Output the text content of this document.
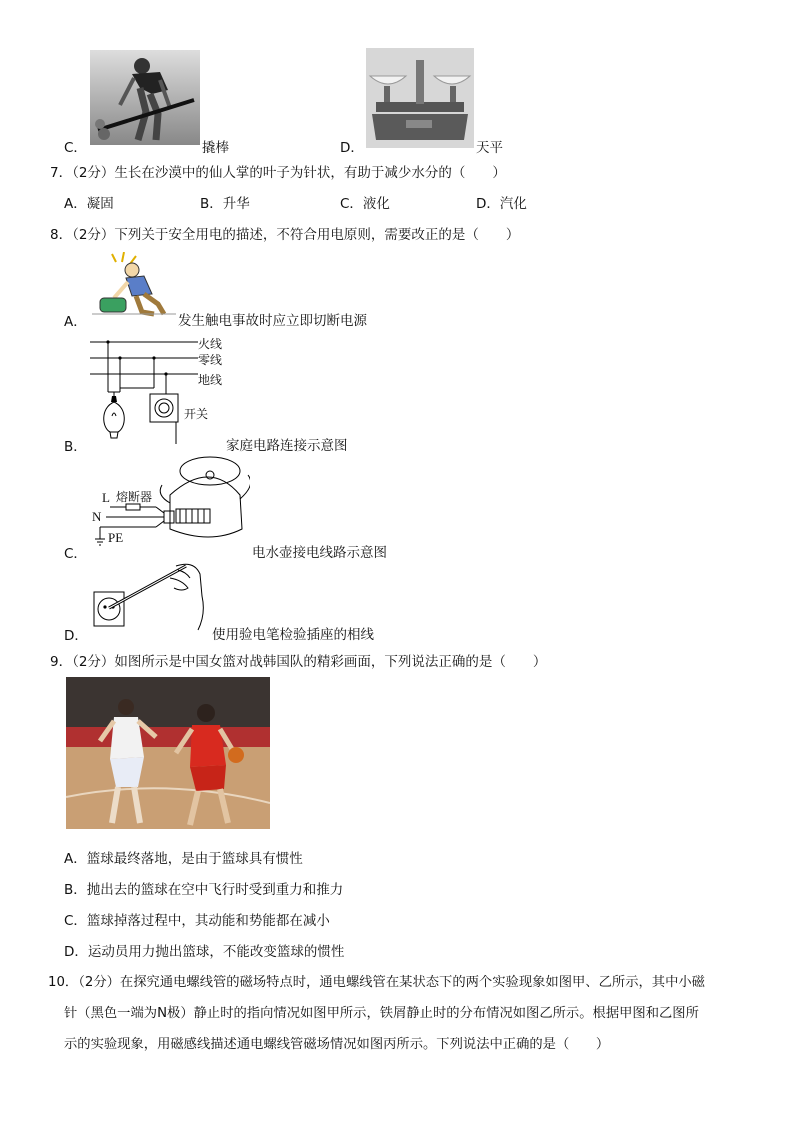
C．	撬棒	D．	天平
7．（2分）生长在沙漠中的仙人掌的叶子为针状，有助于减少水分的（　　）
A．凝固	B．升华	C．液化	D．汽化
8．（2分）下列关于安全用电的描述，不符合用电原则，需要改正的是（　　）
A．	发生触电事故时应立即切断电源
火线
零线
地线
开关
B．	家庭电路连接示意图
L 熔断器
N
PE
C．	电水壶接电线路示意图
D．	使用验电笔检验插座的相线
9．（2分）如图所示是中国女篮对战韩国队的精彩画面，下列说法正确的是（　　）
A．篮球最终落地，是由于篮球具有惯性
B．抛出去的篮球在空中飞行时受到重力和推力
C．篮球掉落过程中，其动能和势能都在减小
D．运动员用力抛出篮球，不能改变篮球的惯性
10．（2分）在探究通电螺线管的磁场特点时，通电螺线管在某状态下的两个实验现象如图甲、乙所示，其中小磁
针（黑色一端为N极）静止时的指向情况如图甲所示，铁屑静止时的分布情况如图乙所示。根据甲图和乙图所
示的实验现象，用磁感线描述通电螺线管磁场情况如图丙所示。下列说法中正确的是（　　）
